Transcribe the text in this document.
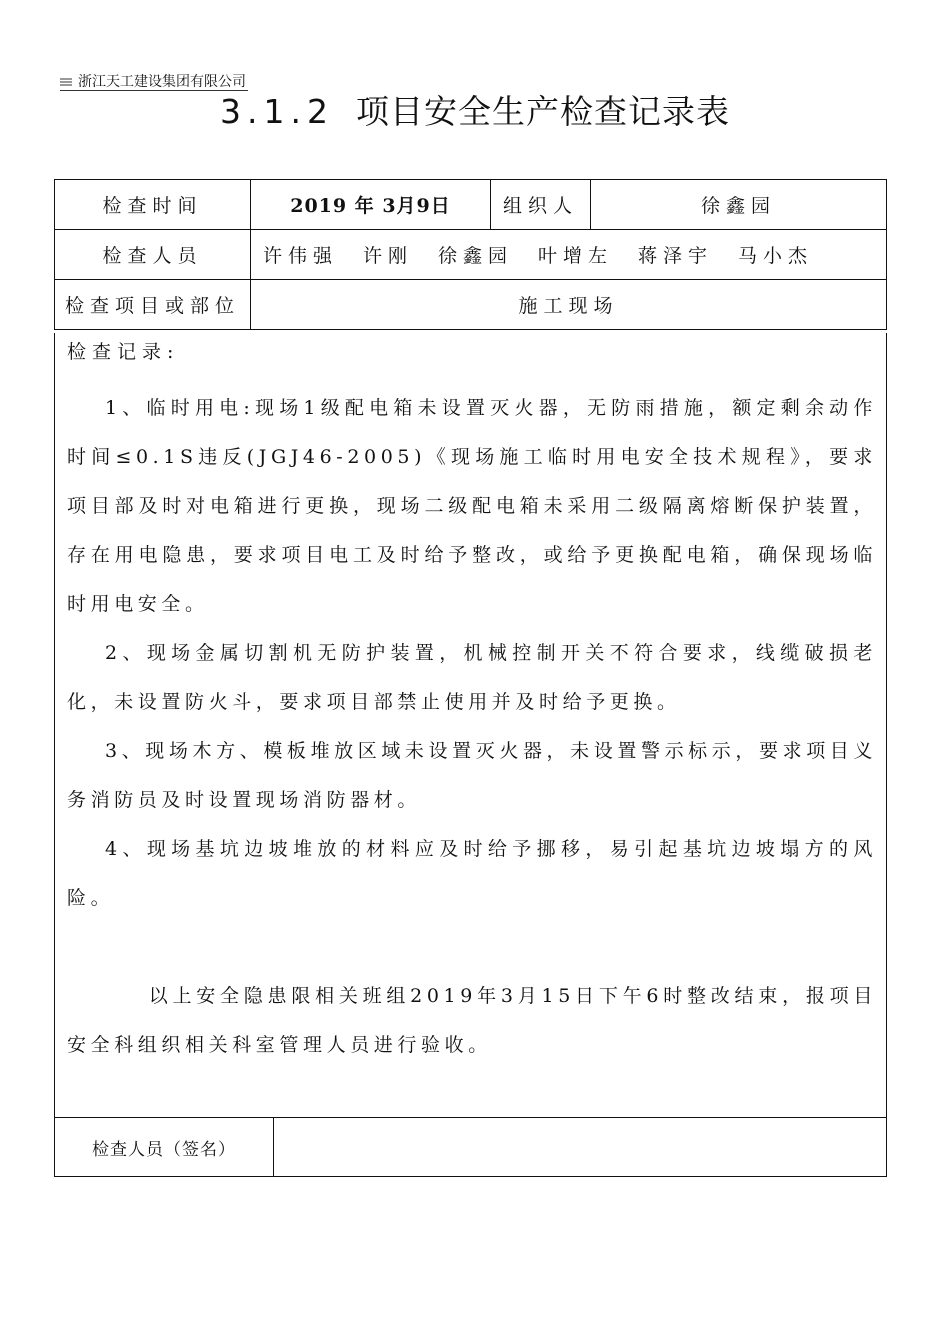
浙江天工建设集团有限公司
3.1.2 项目安全生产检查记录表
检查时间	2019 年 3月9日	组织人	徐鑫园
检查人员	许伟强　许刚　徐鑫园　叶增左　蒋泽宇　马小杰		
检查项目或部位	施工现场		
检查记录:

1、临时用电:现场1级配电箱未设置灭火器，无防雨措施，额定剩余动作时间≤0.1S违反(JGJ46-2005)《现场施工临时用电安全技术规程》，要求项目部及时对电箱进行更换，现场二级配电箱未采用二级隔离熔断保护装置，存在用电隐患，要求项目电工及时给予整改，或给予更换配电箱，确保现场临时用电安全。

2、现场金属切割机无防护装置，机械控制开关不符合要求，线缆破损老化，未设置防火斗，要求项目部禁止使用并及时给予更换。

3、现场木方、模板堆放区域未设置灭火器，未设置警示标示，要求项目义务消防员及时设置现场消防器材。

4、现场基坑边坡堆放的材料应及时给予挪移，易引起基坑边坡塌方的风险。

以上安全隐患限相关班组2019年3月15日下午6时整改结束，报项目安全科组织相关科室管理人员进行验收。

检查人员（签名）	
